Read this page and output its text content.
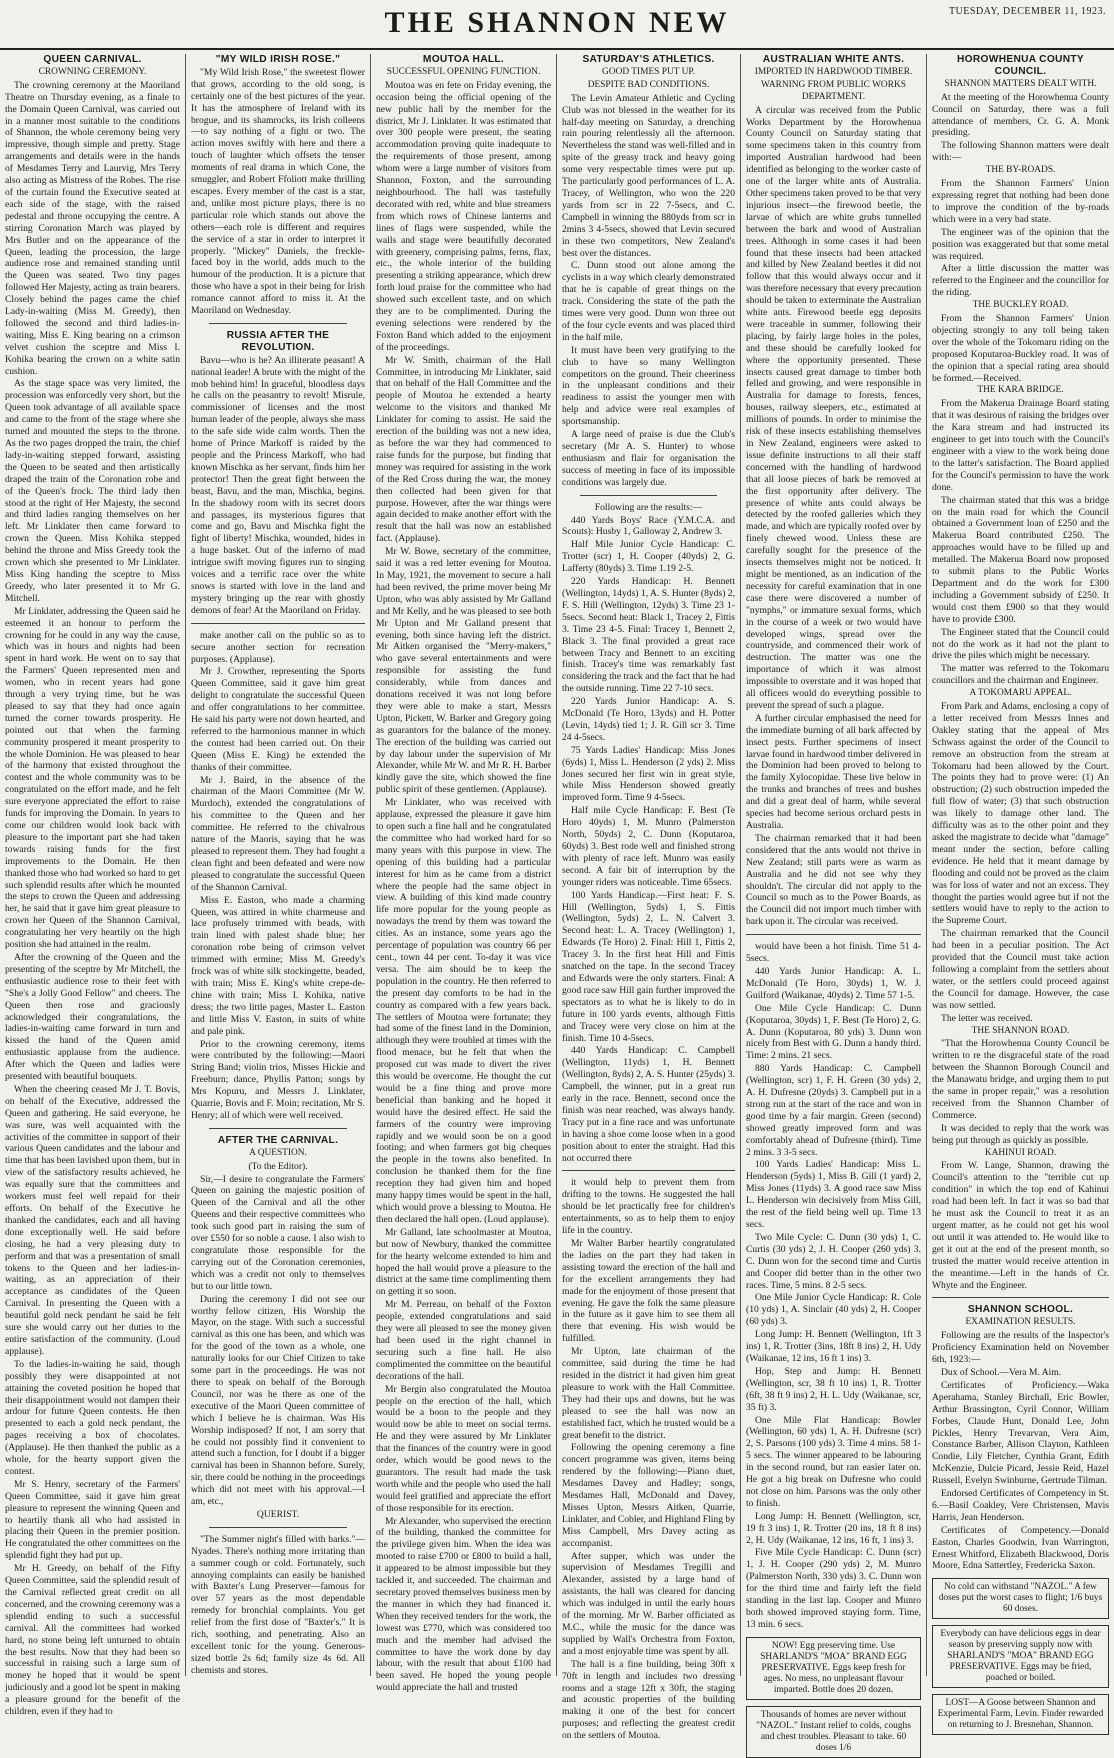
THE SHANNON NEW	TUESDAY, DECEMBER 11, 1923.

QUEEN CARNIVAL.

CROWNING CEREMONY.

The crowning ceremony at the Maoriland Theatre on Thursday evening, as a finale to the Domain Queen Carnival, was carried out in a manner most suitable to the conditions of Shannon, the whole ceremony being very impressive, though simple and pretty. Stage arrangements and details were in the hands of Mesdames Terry and Laurvig, Mrs Terry also acting as Mistress of the Robes. The rise of the curtain found the Executive seated at each side of the stage, with the raised pedestal and throne occupying the centre. A stirring Coronation March was played by Mrs Butler and on the appearance of the Queen, leading the procession, the large audience rose and remained standing until the Queen was seated. Two tiny pages followed Her Majesty, acting as train bearers. Closely behind the pages came the chief Lady-in-waiting (Miss M. Greedy), then followed the second and third ladies-in-waiting, Miss E. King bearing on a crimson velvet cushion the sceptre and Miss I. Kohika bearing the crown on a white satin cushion.

As the stage space was very limited, the procession was enforcedly very short, but the Queen took advantage of all available space and came to the front of the stage where she turned and mounted the steps to the throne. As the two pages dropped the train, the chief lady-in-waiting stepped forward, assisting the Queen to be seated and then artistically draped the train of the Coronation robe and of the Queen's frock. The third lady then stood at the right of Her Majesty, the second and third ladies ranging themselves on her left. Mr Linklater then came forward to crown the Queen. Miss Kohika stepped behind the throne and Miss Greedy took the crown which she presented to Mr Linklater. Miss King handing the sceptre to Miss Greedy, who later presented it to Mr G. Mitchell.

Mr Linklater, addressing the Queen said he esteemed it an honour to perform the crowning for he could in any way the cause, which was in hours and nights had been spent in hard work. He went on to say that the Farmers' Queen represented men and women, who in recent years had gone through a very trying time, but he was pleased to say that they had once again turned the corner towards prosperity. He pointed out that when the farming community prospered it meant prosperity to the whole Dominion. He was pleased to hear of the harmony that existed throughout the contest and the whole community was to be congratulated on the effort made, and he felt sure everyone appreciated the effort to raise funds for improving the Domain. In years to come our children would look back with pleasure to the important part she had taken towards raising funds for the first improvements to the Domain. He then thanked those who had worked so hard to get such splendid results after which he mounted the steps to crown the Queen and addressing her, he said that it gave him great pleasure to crown her Queen of the Shannon Carnival, congratulating her very heartily on the high position she had attained in the realm.

After the crowning of the Queen and the presenting of the sceptre by Mr Mitchell, the enthusiastic audience rose to their feet with "She's a Jolly Good Fellow" and cheers. The Queen then rose and graciously acknowledged their congratulations, the ladies-in-waiting came forward in turn and kissed the hand of the Queen amid enthusiastic applause from the audience. After which the Queen and ladies were presented with beautiful bouquets.

When the cheering ceased Mr J. T. Bovis, on behalf of the Executive, addressed the Queen and gathering. He said everyone, he was sure, was well acquainted with the activities of the committee in support of their various Queen candidates and the labour and time that has been lavished upon them, but in view of the satisfactory results achieved, he was equally sure that the committees and workers must feel well repaid for their efforts. On behalf of the Executive he thanked the candidates, each and all having done exceptionally well. He said before closing, he had a very pleasing duty to perform and that was a presentation of small tokens to the Queen and her ladies-in-waiting, as an appreciation of their acceptance as candidates of the Queen Carnival. In presenting the Queen with a beautiful gold neck pendant he said he felt sure she would carry out her duties to the entire satisfaction of the community. (Loud applause).

To the ladies-in-waiting he said, though possibly they were disappointed at not attaining the coveted position he hoped that their disappointment would not dampen their ardour for future Queen contests. He then presented to each a gold neck pendant, the pages receiving a box of chocolates. (Applause). He then thanked the public as a whole, for the hearty support given the contest.

Mr S. Henry, secretary of the Farmers' Queen Committee, said it gave him great pleasure to represent the winning Queen and to heartily thank all who had assisted in placing their Queen in the premier position. He congratulated the other committees on the splendid fight they had put up.

Mr H. Greedy, on behalf of the Fifty Queen Committee, said the splendid result of the Carnival reflected great credit on all concerned, and the crowning ceremony was a splendid ending to such a successful carnival. All the committees had worked hard, no stone being left unturned to obtain the best results. Now that they had been so successful in raising such a large sum of money he hoped that it would be spent judiciously and a good lot be spent in making a pleasure ground for the benefit of the children, even if they had to

"MY WILD IRISH ROSE."

"My Wild Irish Rose," the sweetest flower that grows, according to the old song, is certainly one of the best pictures of the year. It has the atmosphere of Ireland with its brogue, and its shamrocks, its Irish colleens—to say nothing of a fight or two. The action moves swiftly with here and there a touch of laughter which offsets the tenser moments of real drama in which Cone, the smuggler, and Robert Ffoliott make thrilling escapes. Every member of the cast is a star, and, unlike most picture plays, there is no particular role which stands out above the others—each role is different and requires the service of a star in order to interpret it properly. "Mickey" Daniels, the freckle-faced boy in the world, adds much to the humour of the production. It is a picture that those who have a spot in their being for Irish romance cannot afford to miss it. At the Maoriland on Wednesday.

RUSSIA AFTER THE REVOLUTION.

Bavu—who is he? An illiterate peasant! A national leader! A brute with the might of the mob behind him! In graceful, bloodless days he calls on the peasantry to revolt! Misrule, commissioner of licenses and the most human leader of the people, always she mass to the safe side wide calm words. Then the home of Prince Markoff is raided by the people and the Princess Markoff, who had known Mischka as her servant, finds him her protector! Then the great fight between the beast, Bavu, and the man, Mischka, begins. In the shadowy room with its secret doors and passages, its mysterious figures that come and go, Bavu and Mischka fight the fight of liberty! Mischka, wounded, hides in a huge basket. Out of the inferno of mad intrigue swift moving figures run to singing voices and a terrific race over the white snows is started with love in the land and mystery bringing up the rear with ghostly demons of fear! At the Maoriland on Friday.

make another call on the public so as to secure another section for recreation purposes. (Applause).

Mr J. Crowther, representing the Sports Queen Committee, said it gave him great delight to congratulate the successful Queen and offer congratulations to her committee. He said his party were not down hearted, and referred to the harmonious manner in which the contest had been carried out. On their Queen (Miss E. King) he extended the thanks of their committee.

Mr J. Baird, in the absence of the chairman of the Maori Committee (Mr W. Murdoch), extended the congratulations of his committee to the Queen and her committee. He referred to the chivalrous nature of the Maoris, saying that he was pleased to represent them. They had fought a clean fight and been defeated and were now pleased to congratulate the successful Queen of the Shannon Carnival.

Miss E. Easton, who made a charming Queen, was attired in white charmeuse and lace profusely trimmed with beads, with train lined with palest shade blue; her coronation robe being of crimson velvet trimmed with ermine; Miss M. Greedy's frock was of white silk stockingette, beaded, with train; Miss E. King's white crepe-de-chine with train; Miss I. Kohika, native dress; the two little pages, Master L. Easton and little Miss V. Easton, in suits of white and pale pink.

Prior to the crowning ceremony, items were contributed by the following:—Maori String Band; violin trios, Misses Hickie and Freeburn; dance, Phyllis Patton; songs by Mrs Kopuru, and Messrs J. Linklater, Quarrie, Bovis and F. Moin; recitation, Mr S. Henry; all of which were well received.

AFTER THE CARNIVAL.

A QUESTION.

(To the Editor).

Sir,—I desire to congratulate the Farmers' Queen on gaining the majestic position of Queen of the Carnival and all the other Queens and their respective committees who took such good part in raising the sum of over £550 for so noble a cause. I also wish to congratulate those responsible for the carrying out of the Coronation ceremonies, which was a credit not only to themselves but to our little town.

During the ceremony I did not see our worthy fellow citizen, His Worship the Mayor, on the stage. With such a successful carnival as this one has been, and which was for the good of the town as a whole, one naturally looks for our Chief Citizen to take some part in the proceedings. He was not there to speak on behalf of the Borough Council, nor was he there as one of the executive of the Maori Queen committee of which I believe he is chairman. Was His Worship indisposed? If not, I am sorry that he could not possibly find it convenient to attend such a function, for I doubt if a bigger carnival has been in Shannon before. Surely, sir, there could be nothing in the proceedings which did not meet with his approval.—I am, etc.,

QUERIST.

"The Summer night's filled with barks."—Nyades. There's nothing more irritating than a summer cough or cold. Fortunately, such annoying complaints can easily be banished with Baxter's Lung Preserver—famous for over 57 years as the most dependable remedy for bronchial complaints. You get relief from the first dose of "Baxter's." It is rich, soothing, and penetrating. Also an excellent tonic for the young. Generous-sized bottle 2s 6d; family size 4s 6d. All chemists and stores.

MOUTOA HALL.

SUCCESSFUL OPENING FUNCTION.

Moutoa was en fete on Friday evening, the occasion being the official opening of the new public hall by the member for the district, Mr J. Linklater. It was estimated that over 300 people were present, the seating accommodation proving quite inadequate to the requirements of those present, among whom were a large number of visitors from Shannon, Foxton, and the surrounding neighbourhood. The hall was tastefully decorated with red, white and blue streamers from which rows of Chinese lanterns and lines of flags were suspended, while the walls and stage were beautifully decorated with greenery, comprising palms, ferns, flax, etc., the whole interior of the building presenting a striking appearance, which drew forth loud praise for the committee who had showed such excellent taste, and on which they are to be complimented. During the evening selections were rendered by the Foxton Band which added to the enjoyment of the proceedings.

Mr W. Smith, chairman of the Hall Committee, in introducing Mr Linklater, said that on behalf of the Hall Committee and the people of Moutoa he extended a hearty welcome to the visitors and thanked Mr Linklater for coming to assist. He said the erection of the building was not a new idea, as before the war they had commenced to raise funds for the purpose, but finding that money was required for assisting in the work of the Red Cross during the war, the money then collected had been given for that purpose. However, after the war things were again decided to make another effort with the result that the hall was now an established fact. (Applause).

Mr W. Bowe, secretary of the committee, said it was a red letter evening for Moutoa. In May, 1921, the movement to secure a hall had been revived, the prime mover being Mr Upton, who was ably assisted by Mr Galland and Mr Kelly, and he was pleased to see both Mr Upton and Mr Galland present that evening, both since having left the district. Mr Aitken organised the "Merry-makers," who gave several entertainments and were responsible for assisting the fund considerably, while from dances and donations received it was not long before they were able to make a start, Messrs Upton, Pickett, W. Barker and Gregory going as guarantors for the balance of the money. The erection of the building was carried out by day labour under the supervision of Mr Alexander, while Mr W. and Mr R. H. Barber kindly gave the site, which showed the fine public spirit of these gentlemen. (Applause).

Mr Linklater, who was received with applause, expressed the pleasure it gave him to open such a fine hall and he congratulated the committee who had worked hard for so many years with this purpose in view. The opening of this building had a particular interest for him as he came from a district where the people had the same object in view. A building of this kind made country life more popular for the young people as nowadays the trend by them was toward the cities. As an instance, some years ago the percentage of population was country 66 per cent., town 44 per cent. To-day it was vice versa. The aim should be to keep the population in the country. He then referred to the present day comforts to be had in the country as compared with a few years back. The settlers of Moutoa were fortunate; they had some of the finest land in the Dominion, although they were troubled at times with the flood menace, but he felt that when the proposed cut was made to divert the river this would be overcome. He thought the cut would be a fine thing and prove more beneficial than banking and he hoped it would have the desired effect. He said the farmers of the country were improving rapidly and we would soon be on a good footing; and when farmers got big cheques the people in the towns also benefited. In conclusion he thanked them for the fine reception they had given him and hoped many happy times would be spent in the hall, which would prove a blessing to Moutoa. He then declared the hall open. (Loud applause).

Mr Galland, late schoolmaster at Moutoa, but now of Newbury, thanked the committee for the hearty welcome extended to him and hoped the hall would prove a pleasure to the district at the same time complimenting them on getting it so soon.

Mr M. Perreau, on behalf of the Foxton people, extended congratulations and said they were all pleased to see the money given had been used in the right channel in securing such a fine hall. He also complimented the committee on the beautiful decorations of the hall.

Mr Bergin also congratulated the Moutoa people on the erection of the hall, which would be a boon to the people and they would now be able to meet on social terms. He and they were assured by Mr Linklater that the finances of the country were in good order, which would be good news to the guarantors. The result had made the task worth while and the people who used the hall would feel gratified and appreciate the effort of those responsible for its erection.

Mr Alexander, who supervised the erection of the building, thanked the committee for the privilege given him. When the idea was mooted to raise £700 or £800 to build a hall, it appeared to be almost impossible but they tackled it, and succeeded. The chairman and secretary proved themselves business men by the manner in which they had financed it. When they received tenders for the work, the lowest was £770, which was considered too much and the member had advised the committee to have the work done by day labour, with the result that about £100 had been saved. He hoped the young people would appreciate the hall and trusted

SATURDAY'S ATHLETICS.

GOOD TIMES PUT UP.

DESPITE BAD CONDITIONS.

The Levin Amateur Athletic and Cycling Club was not blessed in the weather for its half-day meeting on Saturday, a drenching rain pouring relentlessly all the afternoon. Nevertheless the stand was well-filled and in spite of the greasy track and heavy going some very respectable times were put up. The particularly good performances of L. A. Tracey, of Wellington, who won the 220 yards from scr in 22 7-5secs, and C. Campbell in winning the 880yds from scr in 2mins 3 4-5secs, showed that Levin secured in these two competitors, New Zealand's best over the distances.

C. Dunn stood out alone among the cyclists in a way which clearly demonstrated that he is capable of great things on the track. Considering the state of the path the times were very good. Dunn won three out of the four cycle events and was placed third in the half mile.

It must have been very gratifying to the club to have so many Wellington competitors on the ground. Their cheeriness in the unpleasant conditions and their readiness to assist the younger men with help and advice were real examples of sportsmanship.

A large need of praise is due the Club's secretary (Mr A. S. Hunter) to whose enthusiasm and flair for organisation the success of meeting in face of its impossible conditions was largely due.

Following are the results:—

440 Yards Boys' Race (Y.M.C.A. and Scouts): Husby 1, Galloway 2, Andrew 3.

Half Mile Junior Cycle Handicap: C. Trotter (scr) 1, H. Cooper (40yds) 2, G. Lafferty (80yds) 3. Time 1.19 2-5.

220 Yards Handicap: H. Bennett (Wellington, 14yds) 1, A. S. Hunter (8yds) 2, F. S. Hill (Wellington, 12yds) 3. Time 23 1-5secs. Second heat: Black 1, Tracey 2, Fittis 3. Time 23 4-5. Final: Tracey 1, Bennett 2, Black 3. The final provided a great race between Tracy and Bennett to an exciting finish. Tracey's time was remarkably fast considering the track and the fact that he had the outside running. Time 22 7-10 secs.

220 Yards Junior Handicap: A. S. McDonald (Te Horo, 13yds) and H. Potter (Levin, 14yds) tied 1; J. R. Gill scr 3. Time 24 4-5secs.

75 Yards Ladies' Handicap: Miss Jones (6yds) 1, Miss L. Henderson (2 yds) 2. Miss Jones secured her first win in great style, while Miss Henderson showed greatly improved form. Time 9 4-5secs.

Half mile Cycle Handicap: F. Best (Te Horo 40yds) 1, M. Munro (Palmerston North, 50yds) 2, C. Dunn (Koputaroa, 60yds) 3. Best rode well and finished strong with plenty of race left. Munro was easily second. A fair bit of interruption by the younger riders was noticeable. Time 65secs.

100 Yards Handicap.—First heat: F. S. Hill (Wellington, 5yds) 1, S. Fittis (Wellington, 5yds) 2, L. N. Calvert 3. Second heat: L. A. Tracey (Wellington) 1, Edwards (Te Horo) 2. Final: Hill 1, Fittis 2, Tracey 3. In the first heat Hill and Fittis snatched on the tape. In the second Tracey and Edwards were the only starters. Final: A good race saw Hill gain further improved the spectators as to what he is likely to do in future in 100 yards events, although Fittis and Tracey were very close on him at the finish. Time 10 4-5secs.

440 Yards Handicap: C. Campbell (Wellington, 11yds) 1, H. Bennett (Wellington, 8yds) 2, A. S. Hunter (25yds) 3. Campbell, the winner, put in a great run early in the race. Bennett, second once the finish was near reached, was always handy. Tracy put in a fine race and was unfortunate in having a shoe come loose when in a good position about to enter the straight. Had this not occurred there

it would help to prevent them from drifting to the towns. He suggested the hall should be let practically free for children's entertainments, so as to help them to enjoy life in the country.

Mr Walter Barber heartily congratulated the ladies on the part they had taken in assisting toward the erection of the hall and for the excellent arrangements they had made for the enjoyment of those present that evening. He gave the folk the same pleasure in the future as it gave him to see them all there that evening. His wish would be fulfilled.

Mr Upton, late chairman of the committee, said during the time he had resided in the district it had given him great pleasure to work with the Hall Committee. They had their ups and downs, but he was pleased to see the hall was now an established fact, which he trusted would be a great benefit to the district.

Following the opening ceremony a fine concert programme was given, items being rendered by the following:—Piano duet, Mesdames Davey and Hadley; songs, Mesdames Hall, McDonald and Davey, Misses Upton, Messrs Aitken, Quarrie, Linklater, and Cobler, and Highland Fling by Miss Campbell, Mrs Davey acting as accompanist.

After supper, which was under the supervision of Mesdames Tregilli and Alexander, assisted by a large band of assistants, the hall was cleared for dancing which was indulged in until the early hours of the morning. Mr W. Barber officiated as M.C., while the music for the dance was supplied by Wall's Orchestra from Foxton, and a most enjoyable time was spent by all.

The hall is a fine building, being 30ft x 70ft in length and includes two dressing rooms and a stage 12ft x 30ft, the staging and acoustic properties of the building making it one of the best for concert purposes; and reflecting the greatest credit on the settlers of Moutoa.

AUSTRALIAN WHITE ANTS.

IMPORTED IN HARDWOOD TIMBER.

WARNING FROM PUBLIC WORKS DEPARTMENT.

A circular was received from the Public Works Department by the Horowhenua County Council on Saturday stating that some specimens taken in this country from imported Australian hardwood had been identified as belonging to the worker caste of one of the larger white ants of Australia. Other specimens taken proved to be that very injurious insect—the firewood beetle, the larvae of which are white grubs tunnelled between the bark and wood of Australian trees. Although in some cases it had been found that these insects had been attacked and killed by New Zealand beetles it did not follow that this would always occur and it was therefore necessary that every precaution should be taken to exterminate the Australian white ants. Firewood beetle egg deposits were traceable in summer, following their placing, by fairly large holes in the poles, and these should be carefully looked for where the opportunity presented. These insects caused great damage to timber both felled and growing, and were responsible in Australia for damage to forests, fences, houses, railway sleepers, etc., estimated at millions of pounds. In order to minimise the risk of these insects establishing themselves in New Zealand, engineers were asked to issue definite instructions to all their staff concerned with the handling of hardwood that all loose pieces of bark be removed at the first opportunity after delivery. The presence of white ants could always be detected by the roofed galleries which they made, and which are typically roofed over by finely chewed wood. Unless these are carefully sought for the presence of the insects themselves might not be noticed. It might be mentioned, as an indication of the necessity for careful examination that in one case there were discovered a number of "nymphs," or immature sexual forms, which in the course of a week or two would have developed wings, spread over the countryside, and commenced their work of destruction. The matter was one the importance of which it was almost impossible to overstate and it was hoped that all officers would do everything possible to prevent the spread of such a plague.

A further circular emphasised the need for the immediate burning of all bark affected by insect pests. Further specimens of insect larvae found in hardwood timber delivered in the Dominion had been proved to belong to the family Xylocopidae. These live below in the trunks and branches of trees and bushes and did a great deal of harm, while several species had become serious orchard pests in Australia.

The chairman remarked that it had been considered that the ants would not thrive in New Zealand; still parts were as warm as Australia and he did not see why they shouldn't. The circular did not apply to the Council so much as to the Power Boards, as the Council did not import much timber with bark upon it. The circular was received.

would have been a hot finish. Time 51 4-5secs.

440 Yards Junior Handicap: A. L. McDonald (Te Horo, 30yds) 1, W. J. Guilford (Waikanae, 40yds) 2. Time 57 1-5.

One Mile Cycle Handicap: C. Dunn (Koputaroa, 30yds) 1, F. Best (Te Horo) 2, G. A. Dunn (Koputaroa, 80 yds) 3. Dunn won nicely from Best with G. Dunn a handy third. Time: 2 mins. 21 secs.

880 Yards Handicap: C. Campbell (Wellington, scr) 1, F. H. Green (30 yds) 2, A. H. Dufresne (20yds) 3. Campbell put in a strong run at the start of the race and won in good time by a fair margin. Green (second) showed greatly improved form and was comfortably ahead of Dufresne (third). Time 2 mins. 3 3-5 secs.

100 Yards Ladies' Handicap: Miss L. Henderson (5yds) 1, Miss B. Gill (1 yard) 2, Miss Jones (11yds) 3. A good race saw Miss L. Henderson win decisively from Miss Gill, the rest of the field being well up. Time 13 secs.

Two Mile Cycle: C. Dunn (30 yds) 1, C. Curtis (30 yds) 2, J. H. Cooper (260 yds) 3. C. Dunn won for the second time and Curtis and Cooper did better than in the other two races. Time, 5 mins. 8 2-5 secs.

One Mile Junior Cycle Handicap: R. Cole (10 yds) 1, A. Sinclair (40 yds) 2, H. Cooper (60 yds) 3.

Long Jump: H. Bennett (Wellington, 1ft 3 ins) 1, R. Trotter (3ins, 18ft 8 ins) 2, H. Udy (Waikanae, 12 ins, 16 ft 1 ins) 3.

Hop, Step and Jump: H. Bennett (Wellington, scr, 38 ft 10 ins) 1, R. Trotter (6ft, 38 ft 9 ins) 2, H. L. Udy (Waikanae, scr, 35 ft) 3.

One Mile Flat Handicap: Bowler (Wellington, 60 yds) 1, A. H. Dufresne (scr) 2, S. Parsons (100 yds) 3. Time 4 mins. 58 1-5 secs. The winner appeared to be labouring in the second round, but ran easier later on. He got a big break on Dufresne who could not close on him. Parsons was the only other to finish.

Long Jump: H. Bennett (Wellington, scr, 19 ft 3 ins) 1, R. Trotter (20 ins, 18 ft 8 ins) 2, H. Udy (Waikanae, 12 ins, 16 ft, 1 ins) 3.

Five Mile Cycle Handicap: C. Dunn (scr) 1, J. H. Cooper (290 yds) 2, M. Munro (Palmerston North, 330 yds) 3. C. Dunn won for the third time and fairly left the field standing in the last lap. Cooper and Munro both showed improved staying form. Time, 13 min. 6 secs.

NOW! Egg preserving time. Use SHARLAND'S "MOA" BRAND EGG PRESERVATIVE. Eggs keep fresh for ages. No mess, no unpleasant flavour imparted. Bottle does 20 dozen.
Thousands of homes are never without "NAZOL." Instant relief to colds, coughs and chest troubles. Pleasant to take. 60 doses 1/6

HOROWHENUA COUNTY COUNCIL.

SHANNON MATTERS DEALT WITH.

At the meeting of the Horowhenua County Council on Saturday, there was a full attendance of members, Cr. G. A. Monk presiding.

The following Shannon matters were dealt with:—

THE BY-ROADS.

From the Shannon Farmers' Union expressing regret that nothing had been done to improve the condition of the by-roads which were in a very bad state.

The engineer was of the opinion that the position was exaggerated but that some metal was required.

After a little discussion the matter was referred to the Engineer and the councillor for the riding.

THE BUCKLEY ROAD.

From the Shannon Farmers' Union objecting strongly to any toll being taken over the whole of the Tokomaru riding on the proposed Koputaroa-Buckley road. It was of the opinion that a special rating area should be formed.—Received.

THE KARA BRIDGE.

From the Makerua Drainage Board stating that it was desirous of raising the bridges over the Kara stream and had instructed its engineer to get into touch with the Council's engineer with a view to the work being done to the latter's satisfaction. The Board applied for the Council's permission to have the work done.

The chairman stated that this was a bridge on the main road for which the Council obtained a Government loan of £250 and the Makerua Board contributed £250. The approaches would have to be filled up and metalled. The Makerua Board now proposed to submit plans to the Public Works Department and do the work for £300 including a Government subsidy of £250. It would cost them £900 so that they would have to provide £300.

The Engineer stated that the Council could not do the work as it had not the plant to drive the piles which might be necessary.

The matter was referred to the Tokomaru councillors and the chairman and Engineer.

A TOKOMARU APPEAL.

From Park and Adams, enclosing a copy of a letter received from Messrs Innes and Oakley stating that the appeal of Mrs Schwass against the order of the Council to remove an obstruction from the stream at Tokomaru had been allowed by the Court. The points they had to prove were: (1) An obstruction; (2) such obstruction impeded the full flow of water; (3) that such obstruction was likely to damage other land. The difficulty was as to the other point and they asked the magistrate to decide what "damage" meant under the section, before calling evidence. He held that it meant damage by flooding and could not be proved as the claim was for loss of water and not an excess. They thought the parties would agree but if not the settlers would have to reply to the action to the Supreme Court.

The chairman remarked that the Council had been in a peculiar position. The Act provided that the Council must take action following a complaint from the settlers about water, or the settlers could proceed against the Council for damage. However, the case was now settled.

The letter was received.

THE SHANNON ROAD.

"That the Horowhenua County Council be written to re the disgraceful state of the road between the Shannon Borough Council and the Manawatu bridge, and urging them to put the same in proper repair," was a resolution received from the Shannon Chamber of Commerce.

It was decided to reply that the work was being put through as quickly as possible.

KAHINUI ROAD.

From W. Lange, Shannon, drawing the Council's attention to the "terrible cut up condition" in which the top end of Kahinui road had been left. In fact it was so bad that he must ask the Council to treat it as an urgent matter, as he could not get his wool out until it was attended to. He would like to get it out at the end of the present month, so trusted the matter would receive attention in the meantime.—Left in the hands of Cr. Whyte and the Engineer.

SHANNON SCHOOL.

EXAMINATION RESULTS.

Following are the results of the Inspector's Proficiency Examination held on November 6th, 1923:—

Dux of School.—Vera M. Aim.

Certificates of Proficiency.—Waka Aperahama, Stanley Birchall, Eric Bowler, Arthur Brassington, Cyril Connor, William Forbes, Claude Hunt, Donald Lee, John Pickles, Henry Trevarvan, Vera Aim, Constance Barber, Allison Clayton, Kathleen Condie, Lily Fletcher, Cynthia Grant, Edith McKenzie, Dulcie Picard, Jessie Reid, Hazel Russell, Evelyn Swinburne, Gertrude Tilman.

Endorsed Certificates of Competency in St. 6.—Basil Coakley, Vere Christensen, Mavis Harris, Jean Henderson.

Certificates of Competency.—Donald Easton, Charles Goodwin, Ivan Warrington, Ernest Whitford, Elizabeth Blackwood, Doris Moore, Edna Sattertley, Fredericka Saxon.

No cold can withstand "NAZOL." A few doses put the worst cases to flight; 1/6 buys 60 doses.
Everybody can have delicious eggs in dear season by preserving supply now with SHARLAND'S "MOA" BRAND EGG PRESERVATIVE. Eggs may be fried, poached or boiled.
LOST—A Goose between Shannon and Experimental Farm, Levin. Finder rewarded on returning to J. Bresnehan, Shannon.
